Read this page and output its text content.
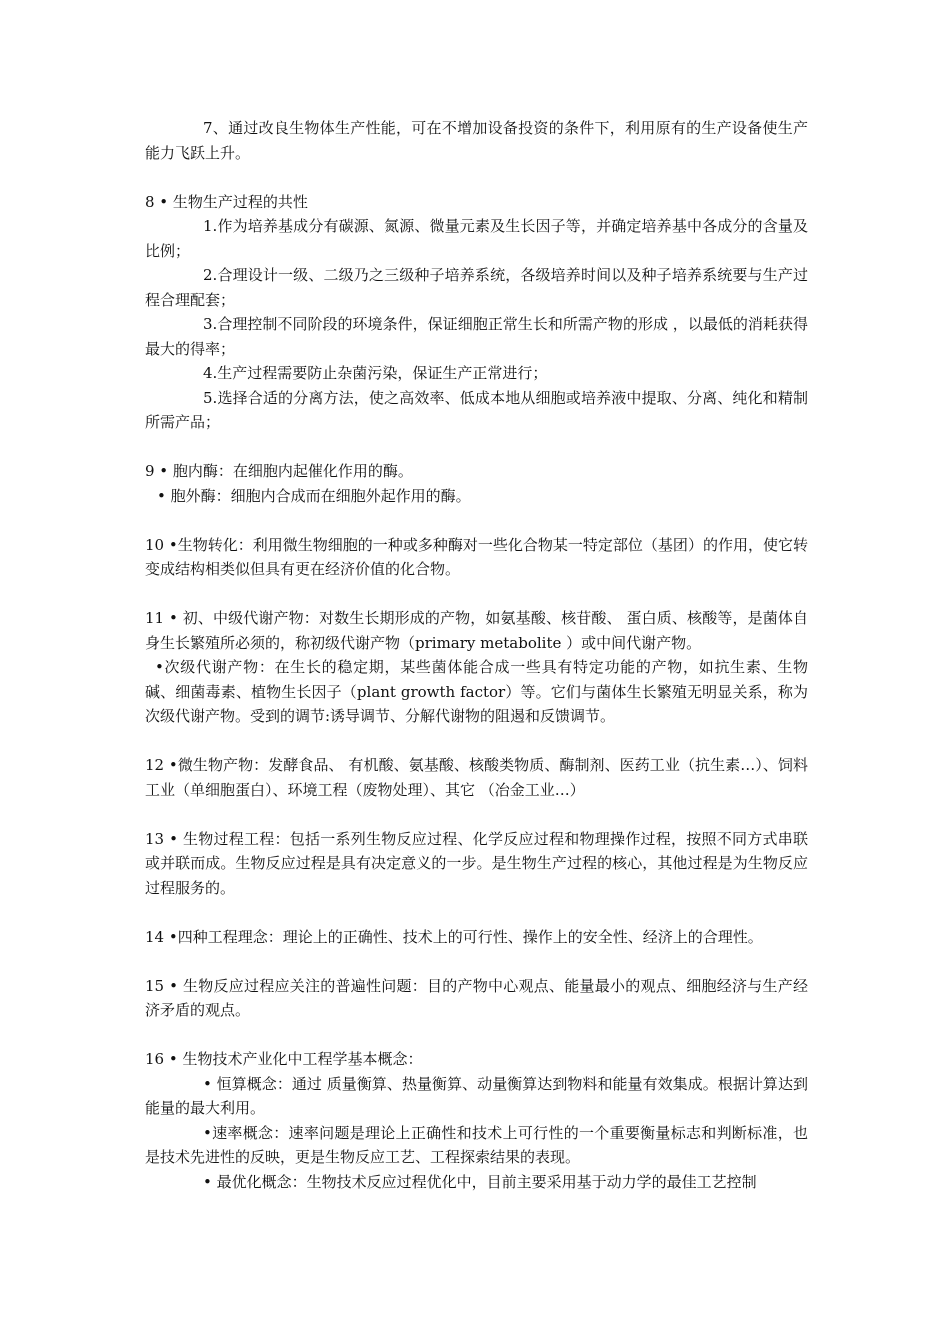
7、通过改良生物体生产性能，可在不增加设备投资的条件下，利用原有的生产设备使生产能力飞跃上升。

8 • 生物生产过程的共性

1.作为培养基成分有碳源、氮源、微量元素及生长因子等，并确定培养基中各成分的含量及比例；

2.合理设计一级、二级乃之三级种子培养系统，各级培养时间以及种子培养系统要与生产过程合理配套；

3.合理控制不同阶段的环境条件，保证细胞正常生长和所需产物的形成 ，以最低的消耗获得最大的得率；

4.生产过程需要防止杂菌污染，保证生产正常进行；

5.选择合适的分离方法，使之高效率、低成本地从细胞或培养液中提取、分离、纯化和精制所需产品；

9 • 胞内酶：在细胞内起催化作用的酶。

• 胞外酶：细胞内合成而在细胞外起作用的酶。

10 •生物转化：利用微生物细胞的一种或多种酶对一些化合物某一特定部位（基团）的作用，使它转变成结构相类似但具有更在经济价值的化合物。

11 • 初、中级代谢产物：对数生长期形成的产物，如氨基酸、核苷酸、 蛋白质、核酸等，是菌体自身生长繁殖所必须的，称初级代谢产物（primary metabolite ）或中间代谢产物。

•次级代谢产物：在生长的稳定期，某些菌体能合成一些具有特定功能的产物，如抗生素、生物碱、细菌毒素、植物生长因子（plant growth factor）等。它们与菌体生长繁殖无明显关系，称为次级代谢产物。受到的调节:诱导调节、分解代谢物的阻遏和反馈调节。

12 •微生物产物：发酵食品、 有机酸、氨基酸、核酸类物质、酶制剂、医药工业（抗生素…）、饲料工业（单细胞蛋白）、环境工程（废物处理）、其它 （冶金工业…）

13 • 生物过程工程：包括一系列生物反应过程、化学反应过程和物理操作过程，按照不同方式串联或并联而成。生物反应过程是具有决定意义的一步。是生物生产过程的核心，其他过程是为生物反应过程服务的。

14 •四种工程理念：理论上的正确性、技术上的可行性、操作上的安全性、经济上的合理性。

15 • 生物反应过程应关注的普遍性问题：目的产物中心观点、能量最小的观点、细胞经济与生产经济矛盾的观点。

16 • 生物技术产业化中工程学基本概念：

• 恒算概念：通过 质量衡算、热量衡算、动量衡算达到物料和能量有效集成。根据计算达到能量的最大利用。

•速率概念：速率问题是理论上正确性和技术上可行性的一个重要衡量标志和判断标准，也是技术先进性的反映，更是生物反应工艺、工程探索结果的表现。

• 最优化概念：生物技术反应过程优化中，目前主要采用基于动力学的最佳工艺控制
